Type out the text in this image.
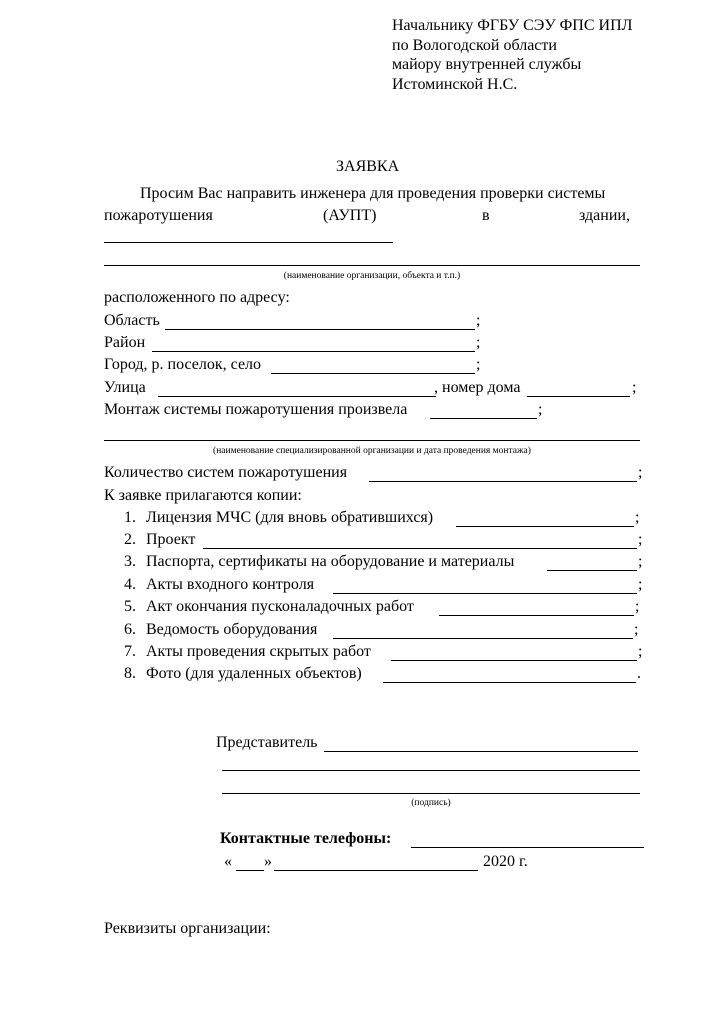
Начальнику ФГБУ СЭУ ФПС ИПЛ
по Вологодской области
майору внутренней службы
Истоминской Н.С.
ЗАЯВКА
Просим Вас направить инженера для проведения проверки системы
пожаротушения	(АУПТ)	в	здании,
(наименование организации, объекта и т.п.)
расположенного по адресу:
Область	;
Район	;
Город, р. поселок, село	;
Улица	, номер дома	;
Монтаж системы пожаротушения произвела	;
(наименование специализированной организации и дата проведения монтажа)
Количество систем пожаротушения	;
К заявке прилагаются копии:
1. Лицензия МЧС (для вновь обратившихся)	;
2. Проект	;
3. Паспорта, сертификаты на оборудование и материалы	;
4. Акты входного контроля	;
5. Акт окончания пусконаладочных работ	;
6. Ведомость оборудования	;
7. Акты проведения скрытых работ	;
8. Фото (для удаленных объектов)	.
Представитель
(подпись)
Контактные телефоны:
« »	2020 г.
Реквизиты организации:
